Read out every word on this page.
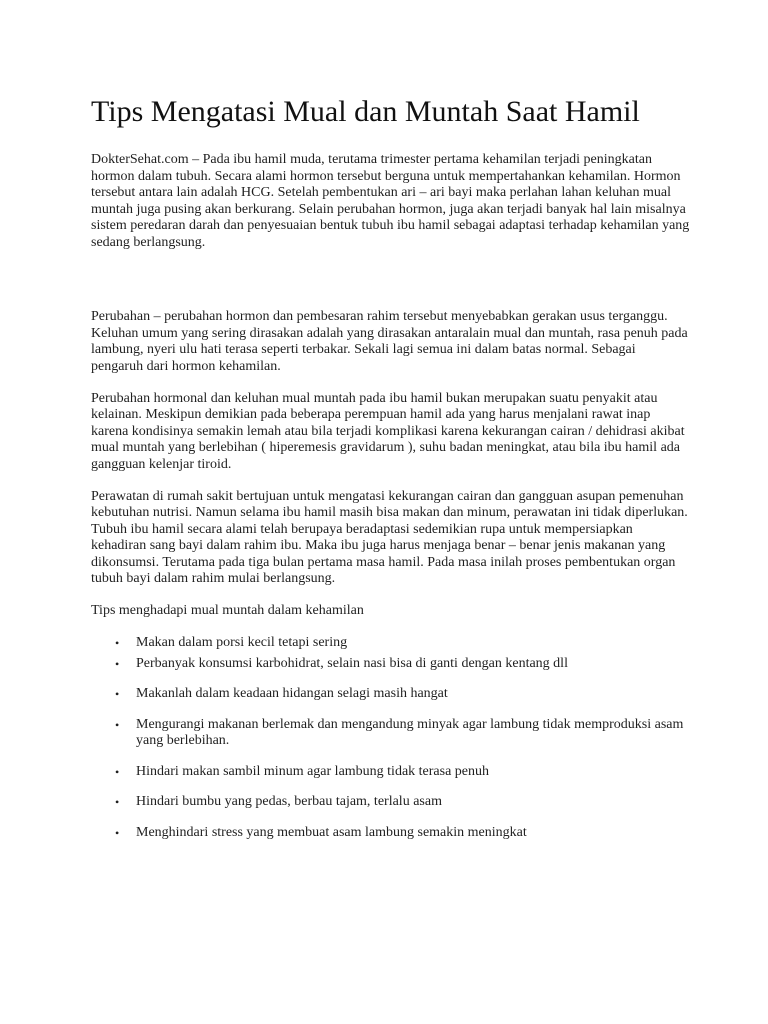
Tips Mengatasi Mual dan Muntah Saat Hamil

DokterSehat.com – Pada ibu hamil muda, terutama trimester pertama kehamilan terjadi peningkatan hormon dalam tubuh. Secara alami hormon tersebut berguna untuk mempertahankan kehamilan. Hormon tersebut antara lain adalah HCG. Setelah pembentukan ari – ari bayi maka perlahan lahan keluhan mual muntah juga pusing akan berkurang. Selain perubahan hormon, juga akan terjadi banyak hal lain misalnya sistem peredaran darah dan penyesuaian bentuk tubuh ibu hamil sebagai adaptasi terhadap kehamilan yang sedang berlangsung.

Perubahan – perubahan hormon dan pembesaran rahim tersebut menyebabkan gerakan usus terganggu. Keluhan umum yang sering dirasakan adalah yang dirasakan antaralain mual dan muntah, rasa penuh pada lambung, nyeri ulu hati terasa seperti terbakar. Sekali lagi semua ini dalam batas normal. Sebagai pengaruh dari hormon kehamilan.

Perubahan hormonal dan keluhan mual muntah pada ibu hamil bukan merupakan suatu penyakit atau kelainan. Meskipun demikian pada beberapa perempuan hamil ada yang harus menjalani rawat inap karena kondisinya semakin lemah atau bila terjadi komplikasi karena kekurangan cairan / dehidrasi akibat mual muntah yang berlebihan ( hiperemesis gravidarum ), suhu badan meningkat, atau bila ibu hamil ada gangguan kelenjar tiroid.

Perawatan di rumah sakit bertujuan untuk mengatasi kekurangan cairan dan gangguan asupan pemenuhan kebutuhan nutrisi. Namun selama ibu hamil masih bisa makan dan minum, perawatan ini tidak diperlukan. Tubuh ibu hamil secara alami telah berupaya beradaptasi sedemikian rupa untuk mempersiapkan kehadiran sang bayi dalam rahim ibu. Maka ibu juga harus menjaga benar – benar jenis makanan yang dikonsumsi. Terutama pada tiga bulan pertama masa hamil. Pada masa inilah proses pembentukan organ tubuh bayi dalam rahim mulai berlangsung.

Tips menghadapi mual muntah dalam kehamilan

• Makan dalam porsi kecil tetapi sering
• Perbanyak konsumsi karbohidrat, selain nasi bisa di ganti dengan kentang dll
• Makanlah dalam keadaan hidangan selagi masih hangat
• Mengurangi makanan berlemak dan mengandung minyak agar lambung tidak memproduksi asam yang berlebihan.
• Hindari makan sambil minum agar lambung tidak terasa penuh
• Hindari bumbu yang pedas, berbau tajam, terlalu asam
• Menghindari stress yang membuat asam lambung semakin meningkat
